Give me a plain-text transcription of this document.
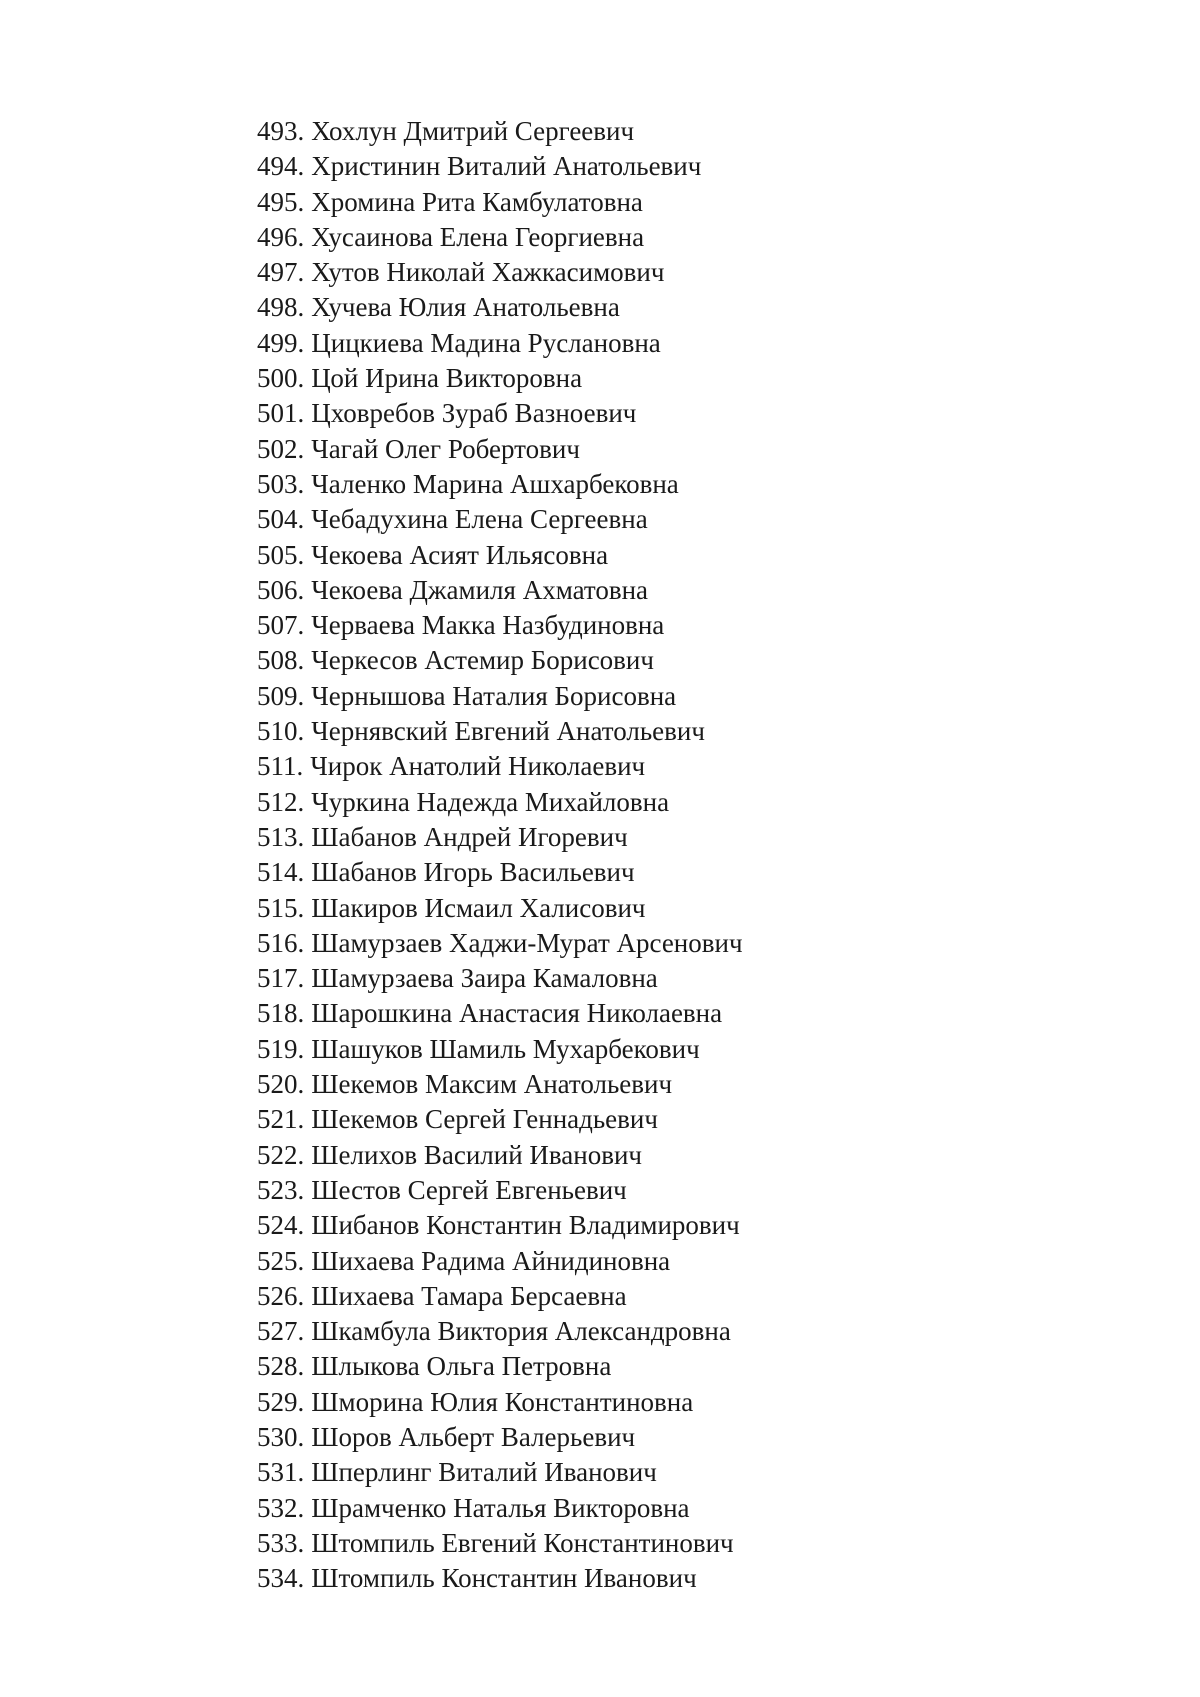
493. Хохлун Дмитрий Сергеевич
494. Христинин Виталий Анатольевич
495. Хромина Рита Камбулатовна
496. Хусаинова Елена Георгиевна
497. Хутов Николай Хажкасимович
498. Хучева Юлия Анатольевна
499. Цицкиева Мадина Руслановна
500. Цой Ирина Викторовна
501. Цховребов Зураб Вазноевич
502. Чагай Олег Робертович
503. Чаленко Марина Ашхарбековна
504. Чебадухина Елена Сергеевна
505. Чекоева Асият Ильясовна
506. Чекоева Джамиля Ахматовна
507. Черваева Макка Назбудиновна
508. Черкесов Астемир Борисович
509. Чернышова Наталия Борисовна
510. Чернявский Евгений Анатольевич
511. Чирок Анатолий Николаевич
512. Чуркина Надежда Михайловна
513. Шабанов Андрей Игоревич
514. Шабанов Игорь Васильевич
515. Шакиров Исмаил Халисович
516. Шамурзаев Хаджи-Мурат Арсенович
517. Шамурзаева Заира Камаловна
518. Шарошкина Анастасия Николаевна
519. Шашуков Шамиль Мухарбекович
520. Шекемов Максим Анатольевич
521. Шекемов Сергей Геннадьевич
522. Шелихов Василий Иванович
523. Шестов Сергей Евгеньевич
524. Шибанов Константин Владимирович
525. Шихаева Радима Айнидиновна
526. Шихаева Тамара Берсаевна
527. Шкамбула Виктория Александровна
528. Шлыкова Ольга Петровна
529. Шморина Юлия Константиновна
530. Шоров Альберт Валерьевич
531. Шперлинг Виталий Иванович
532. Шрамченко Наталья Викторовна
533. Штомпиль Евгений Константинович
534. Штомпиль Константин Иванович
